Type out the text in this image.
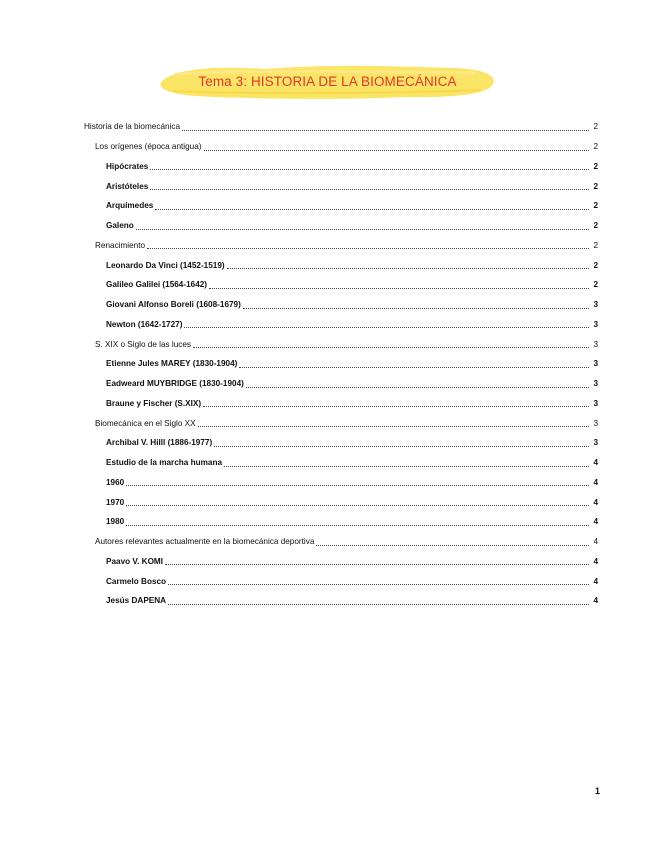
Tema 3: HISTORIA DE LA BIOMECÁNICA
Historia de la biomecánica	2
Los orígenes (época antigua)	2
Hipócrates	2
Aristóteles	2
Arquímedes	2
Galeno	2
Renacimiento	2
Leonardo Da Vinci (1452-1519)	2
Galileo Galilei (1564-1642)	2
Giovani Alfonso Boreli (1608-1679)	3
Newton (1642-1727)	3
S. XIX o Siglo de las luces	3
Etienne Jules MAREY (1830-1904)	3
Eadweard MUYBRIDGE (1830-1904)	3
Braune y Fischer (S.XIX)	3
Biomecánica en el Siglo XX	3
Archibal V. Hilll (1886-1977)	3
Estudio de la marcha humana	4
1960	4
1970	4
1980	4
Autores relevantes actualmente en la biomecánica deportiva	4
Paavo V. KOMI	4
Carmelo Bosco	4
Jesús DAPENA	4
1
